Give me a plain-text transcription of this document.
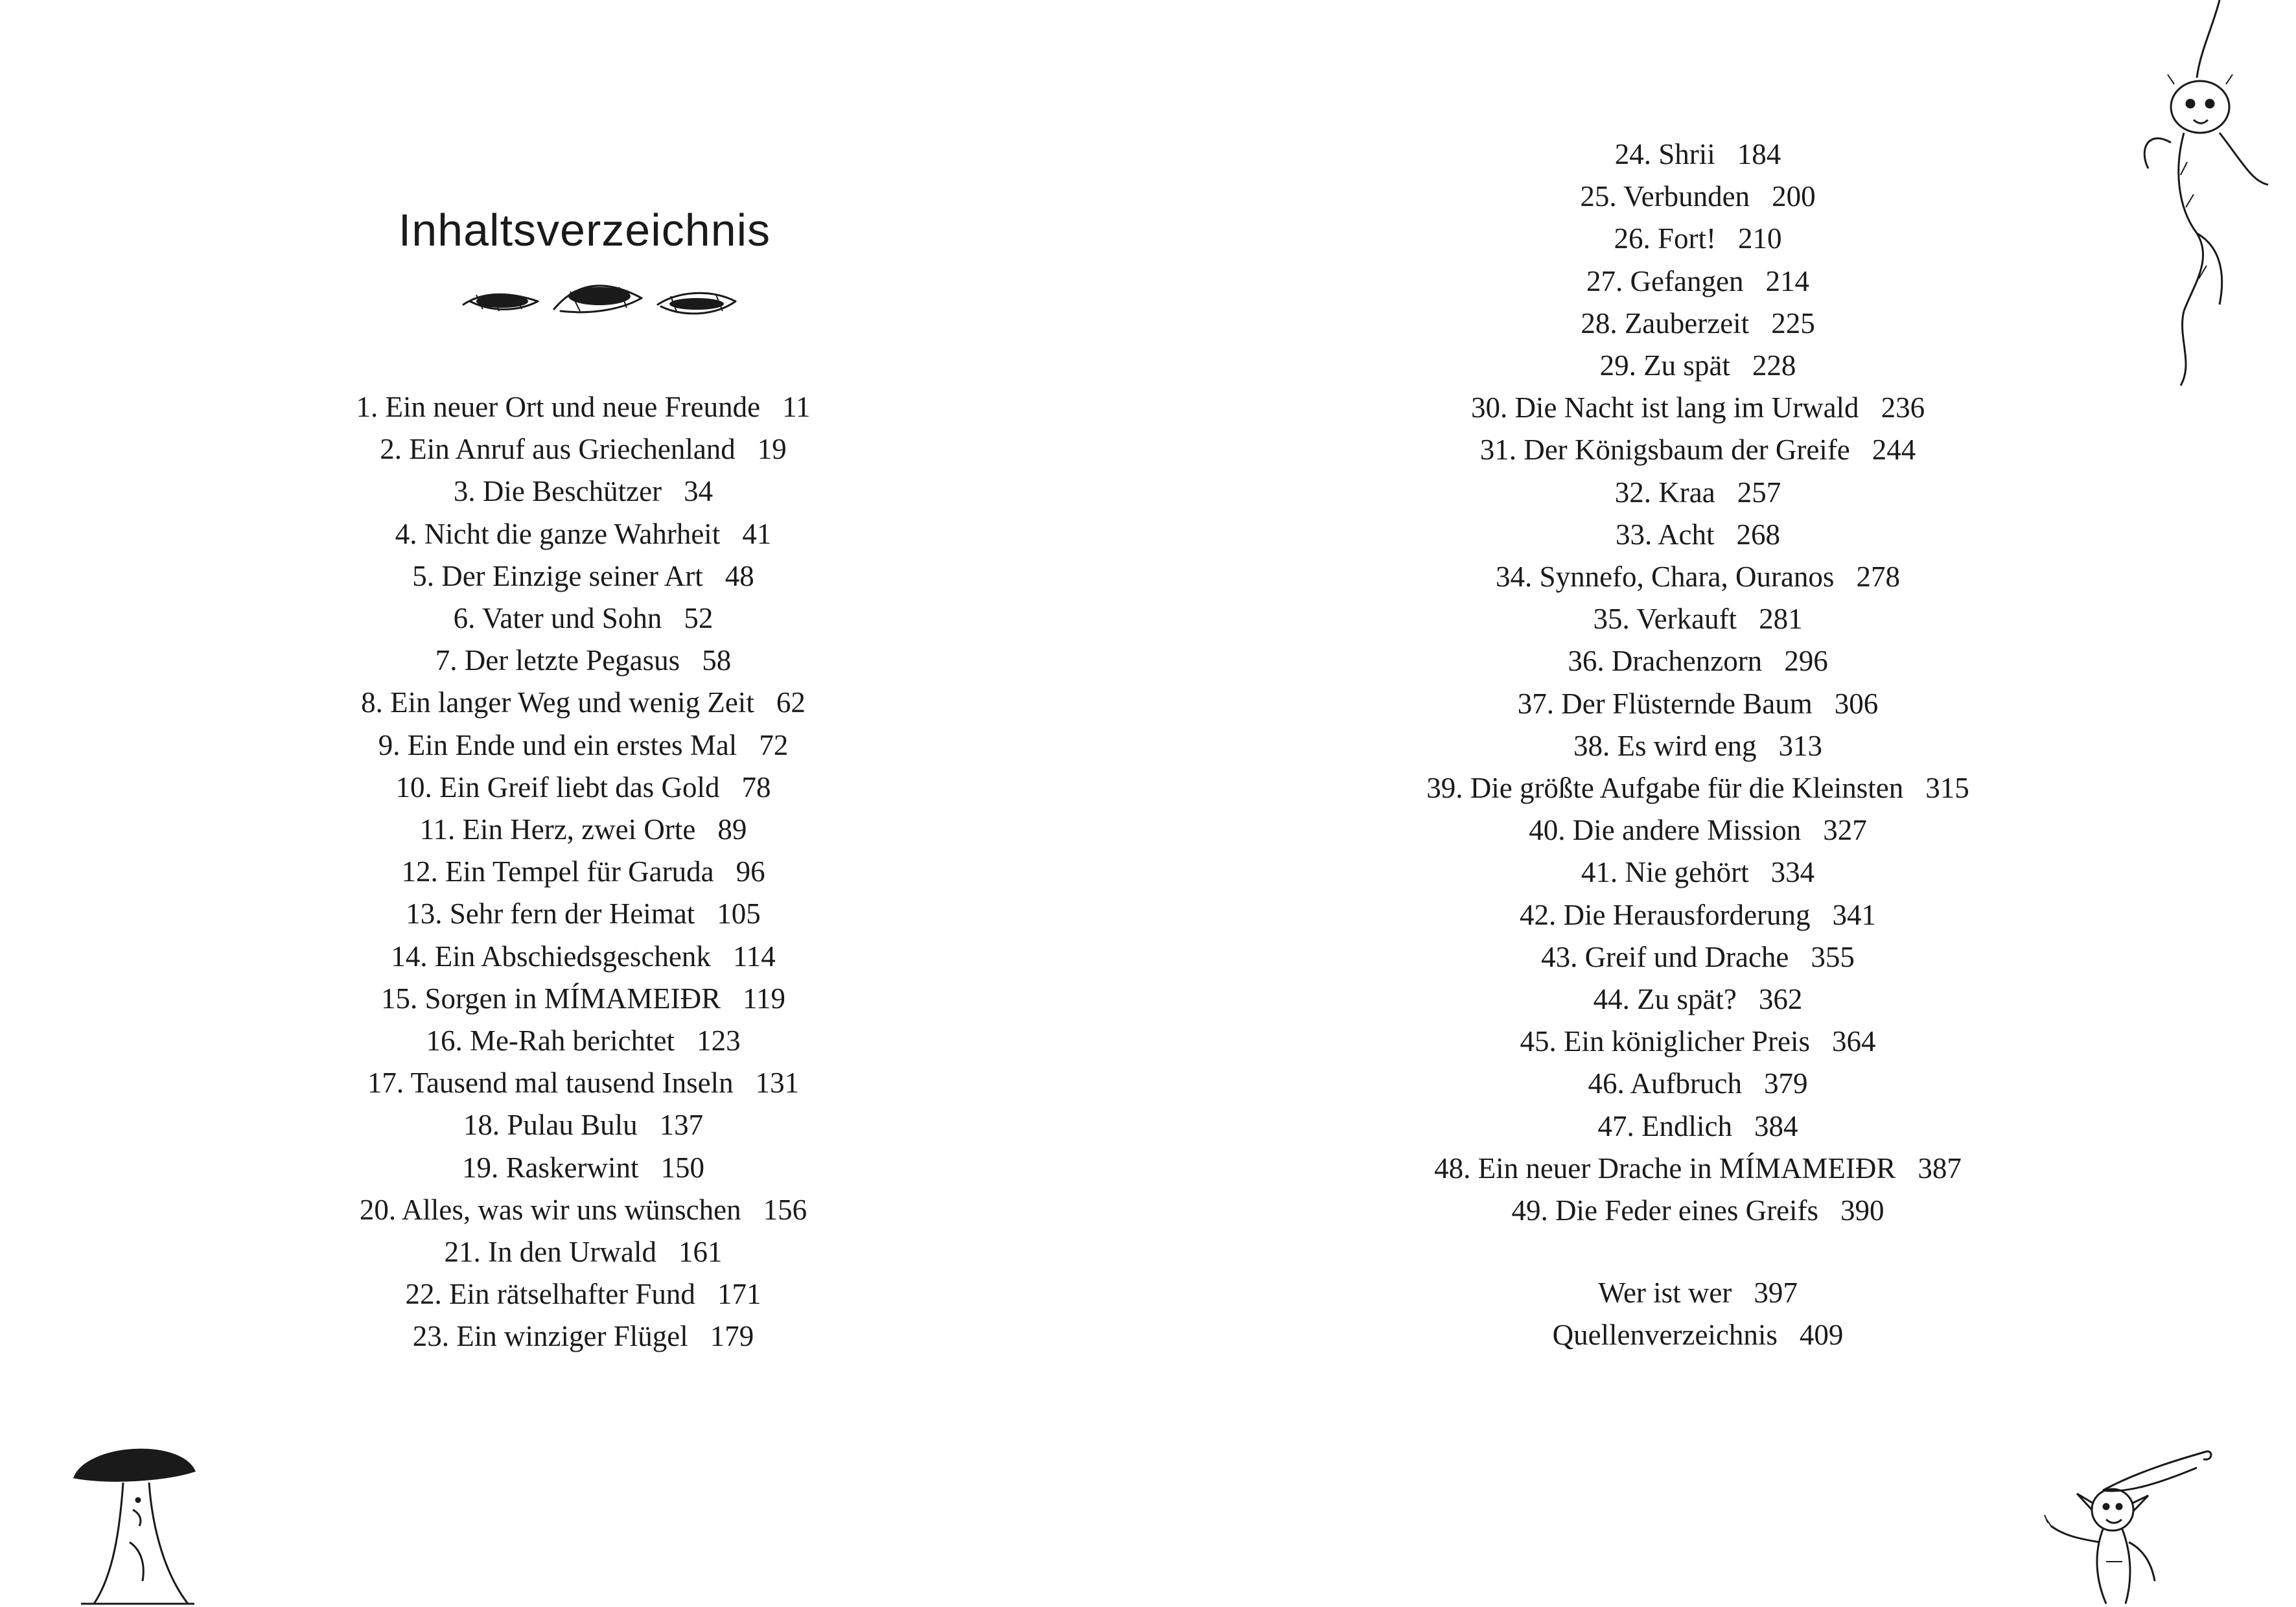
Inhaltsverzeichnis
1. Ein neuer Ort und neue Freunde 11
2. Ein Anruf aus Griechenland 19
3. Die Beschützer 34
4. Nicht die ganze Wahrheit 41
5. Der Einzige seiner Art 48
6. Vater und Sohn 52
7. Der letzte Pegasus 58
8. Ein langer Weg und wenig Zeit 62
9. Ein Ende und ein erstes Mal 72
10. Ein Greif liebt das Gold 78
11. Ein Herz, zwei Orte 89
12. Ein Tempel für Garuda 96
13. Sehr fern der Heimat 105
14. Ein Abschiedsgeschenk 114
15. Sorgen in MÍMAMEIÐR 119
16. Me-Rah berichtet 123
17. Tausend mal tausend Inseln 131
18. Pulau Bulu 137
19. Raskerwint 150
20. Alles, was wir uns wünschen 156
21. In den Urwald 161
22. Ein rätselhafter Fund 171
23. Ein winziger Flügel 179
24. Shrii 184
25. Verbunden 200
26. Fort! 210
27. Gefangen 214
28. Zauberzeit 225
29. Zu spät 228
30. Die Nacht ist lang im Urwald 236
31. Der Königsbaum der Greife 244
32. Kraa 257
33. Acht 268
34. Synnefo, Chara, Ouranos 278
35. Verkauft 281
36. Drachenzorn 296
37. Der Flüsternde Baum 306
38. Es wird eng 313
39. Die größte Aufgabe für die Kleinsten 315
40. Die andere Mission 327
41. Nie gehört 334
42. Die Herausforderung 341
43. Greif und Drache 355
44. Zu spät? 362
45. Ein königlicher Preis 364
46. Aufbruch 379
47. Endlich 384
48. Ein neuer Drache in MÍMAMEIÐR 387
49. Die Feder eines Greifs 390
Wer ist wer 397
Quellenverzeichnis 409
